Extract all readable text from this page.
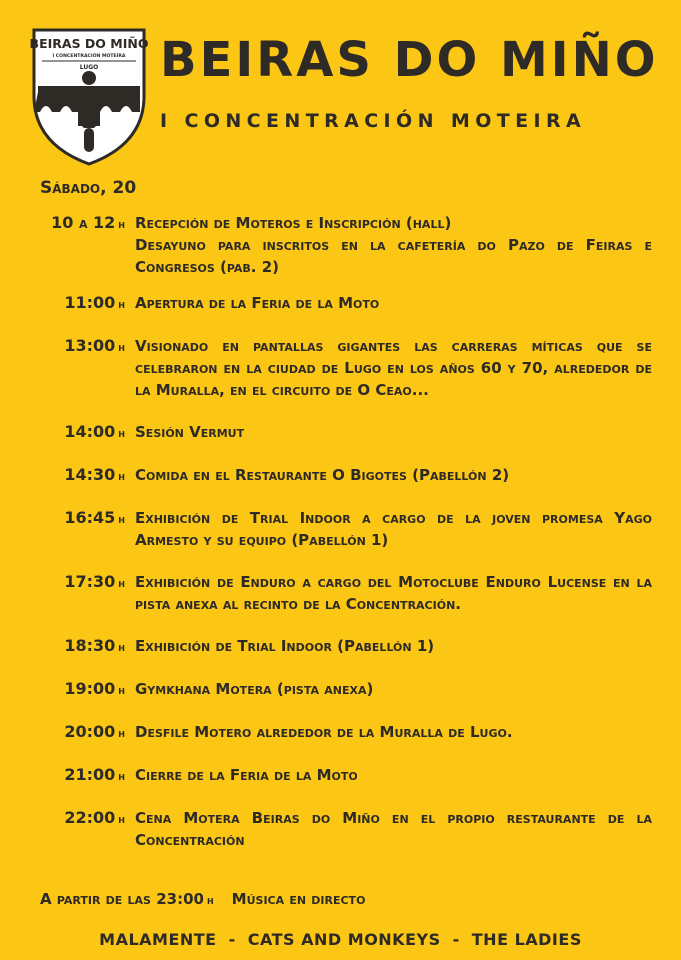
BEIRAS DO MIÑO
I CONCENTRACIÓN MOTEIRA
LUGO BEIRAS DO MIÑO
I CONCENTRACIÓN MOTEIRA
Sábado, 20
10 a 12 h Recepción de Moteros e Inscripción (hall)
Desayuno para inscritos en la cafetería do Pazo de Feiras e Congresos (pab. 2)
11:00 h Apertura de la Feria de la Moto
13:00 h Visionado en pantallas gigantes las carreras míticas que se celebraron en la ciudad de Lugo en los años 60 y 70, alrededor de la Muralla, en el circuito de O Ceao...
14:00 h Sesión Vermut
14:30 h Comida en el Restaurante O Bigotes (Pabellón 2)
16:45 h Exhibición de Trial Indoor a cargo de la joven promesa Yago Armesto y su equipo (Pabellón 1)
17:30 h Exhibición de Enduro a cargo del Motoclube Enduro Lucense en la pista anexa al recinto de la Concentración.
18:30 h Exhibición de Trial Indoor (Pabellón 1)
19:00 h Gymkhana Motera (pista anexa)
20:00 h Desfile Motero alrededor de la Muralla de Lugo.
21:00 h Cierre de la Feria de la Moto
22:00 h Cena Motera Beiras do Miño en el propio restaurante de la Concentración
A partir de las 23:00 h Música en directo
MALAMENTE - CATS AND MONKEYS - THE LADIES
